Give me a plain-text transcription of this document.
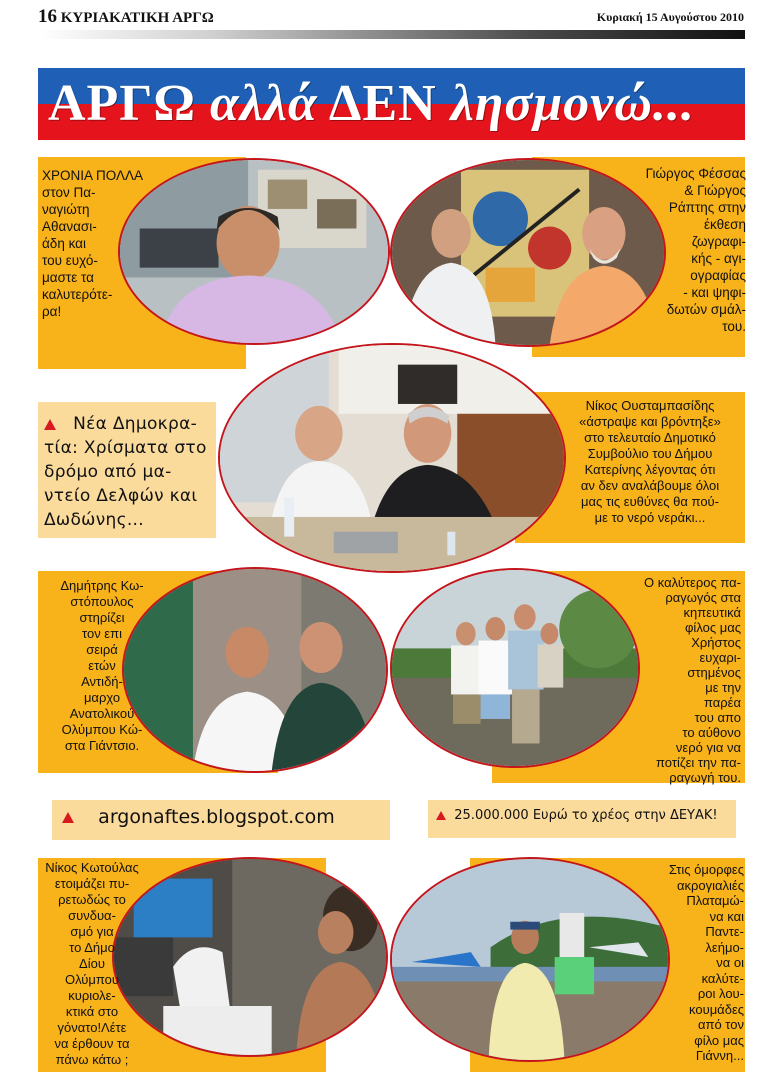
16 ΚΥΡΙΑΚΑΤΙΚΗ ΑΡΓΩ	Κυριακή 15 Αυγούστου 2010
ΑΡΓΩ αλλά ΔΕΝ λησμονώ...
ΧΡΟΝΙΑ ΠΟΛΛΑ
στον Πα-
ναγιώτη
Αθανασι-
άδη και
του ευχό-
μαστε τα
καλυτερότε-
ρα!
Γιώργος Φέσσας
& Γιώργος
Ράπτης στην
έκθεση
ζωγραφι-
κής - αγι-
ογραφίας
- και ψηφι-
δωτών σμάλ-
του.
Νέα Δημοκρα-
τία: Χρίσματα στο
δρόμο από μα-
ντείο Δελφών και
Δωδώνης...
Νίκος Ουσταμπασίδης
«άστραψε και βρόντηξε»
στο τελευταίο Δημοτικό
Συμβούλιο του Δήμου
Κατερίνης λέγοντας ότι
αν δεν αναλάβουμε όλοι
μας τις ευθύνες θα πού-
με το νερό νεράκι...
Δημήτρης Κω-
στόπουλος
στηρίζει
τον επι
σειρά
ετών
Αντιδή-
μαρχο
Ανατολικού
Ολύμπου Κώ-
στα Γιάντσιο.
Ο καλύτερος πα-
ραγωγός στα
κηπευτικά
φίλος μας
Χρήστος
ευχαρι-
στημένος
με την
παρέα
του απο
το αύθονο
νερό για να
ποτίζει την πα-
ραγωγή του.
argonaftes.blogspot.com	25.000.000 Ευρώ το χρέος στην ΔΕΥΑΚ!
Νίκος Κωτούλας
ετοιμάζει πυ-
ρετωδώς το
συνδυα-
σμό για
το Δήμο
Δίου
Ολύμπου
κυριολε-
κτικά στο
γόνατο!Λέτε
να έρθουν τα
πάνω κάτω ;
Στις όμορφες
ακρογιαλιές
Πλαταμώ-
να και
Παντε-
λεήμο-
να οι
καλύτε-
ροι λου-
κουμάδες
από τον
φίλο μας
Γιάννη...
